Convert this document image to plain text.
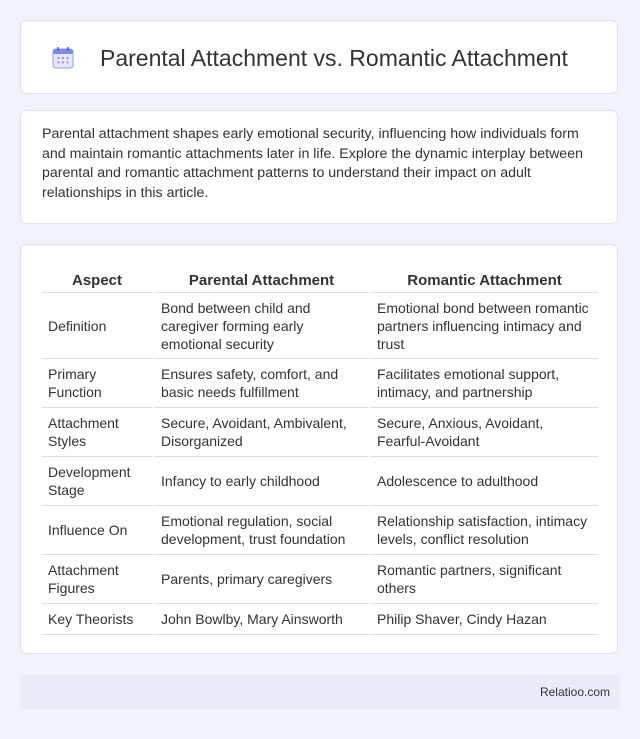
Parental Attachment vs. Romantic Attachment

Parental attachment shapes early emotional security, influencing how individuals form and maintain romantic attachments later in life. Explore the dynamic interplay between parental and romantic attachment patterns to understand their impact on adult relationships in this article.

Aspect	Parental Attachment	Romantic Attachment
Definition	Bond between child and caregiver forming early emotional security	Emotional bond between romantic partners influencing intimacy and trust
Primary Function	Ensures safety, comfort, and basic needs fulfillment	Facilitates emotional support, intimacy, and partnership
Attachment Styles	Secure, Avoidant, Ambivalent, Disorganized	Secure, Anxious, Avoidant, Fearful-Avoidant
Development Stage	Infancy to early childhood	Adolescence to adulthood
Influence On	Emotional regulation, social development, trust foundation	Relationship satisfaction, intimacy levels, conflict resolution
Attachment Figures	Parents, primary caregivers	Romantic partners, significant others
Key Theorists	John Bowlby, Mary Ainsworth	Philip Shaver, Cindy Hazan
Relatioo.com
